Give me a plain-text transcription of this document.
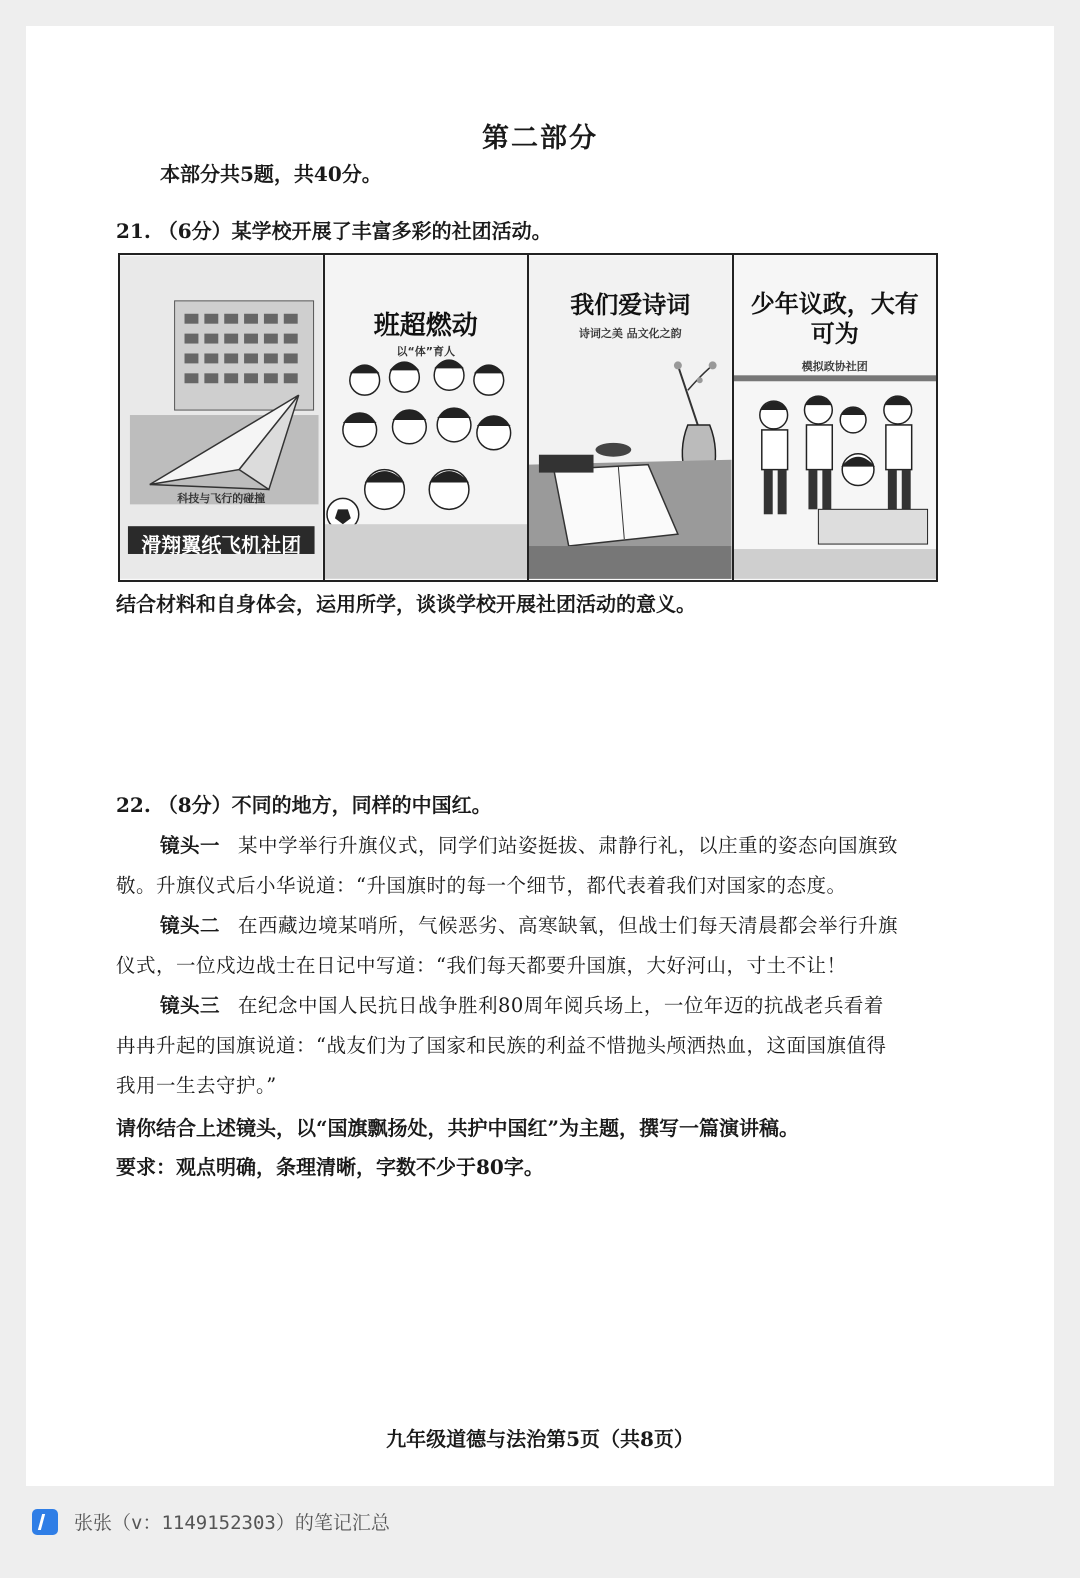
第二部分
本部分共5题，共40分。
21. （6分）某学校开展了丰富多彩的社团活动。
科技与飞行的碰撞
滑翔翼纸飞机社团
班超燃动
以“体”育人
我们爱诗词
诗词之美 品文化之韵
少年议政，大有可为
模拟政协社团
结合材料和自身体会，运用所学，谈谈学校开展社团活动的意义。
22. （8分）不同的地方，同样的中国红。
镜头一 某中学举行升旗仪式，同学们站姿挺拔、肃静行礼，以庄重的姿态向国旗致
敬。升旗仪式后小华说道：“升国旗时的每一个细节，都代表着我们对国家的态度。
镜头二 在西藏边境某哨所，气候恶劣、高寒缺氧，但战士们每天清晨都会举行升旗
仪式，一位戍边战士在日记中写道：“我们每天都要升国旗，大好河山，寸土不让！
镜头三 在纪念中国人民抗日战争胜利80周年阅兵场上，一位年迈的抗战老兵看着
冉冉升起的国旗说道：“战友们为了国家和民族的利益不惜抛头颅洒热血，这面国旗值得
我用一生去守护。”
请你结合上述镜头，以“国旗飘扬处，共护中国红”为主题，撰写一篇演讲稿。
要求：观点明确，条理清晰，字数不少于80字。
九年级道德与法治第5页（共8页）
张张（v：1149152303）的笔记汇总
